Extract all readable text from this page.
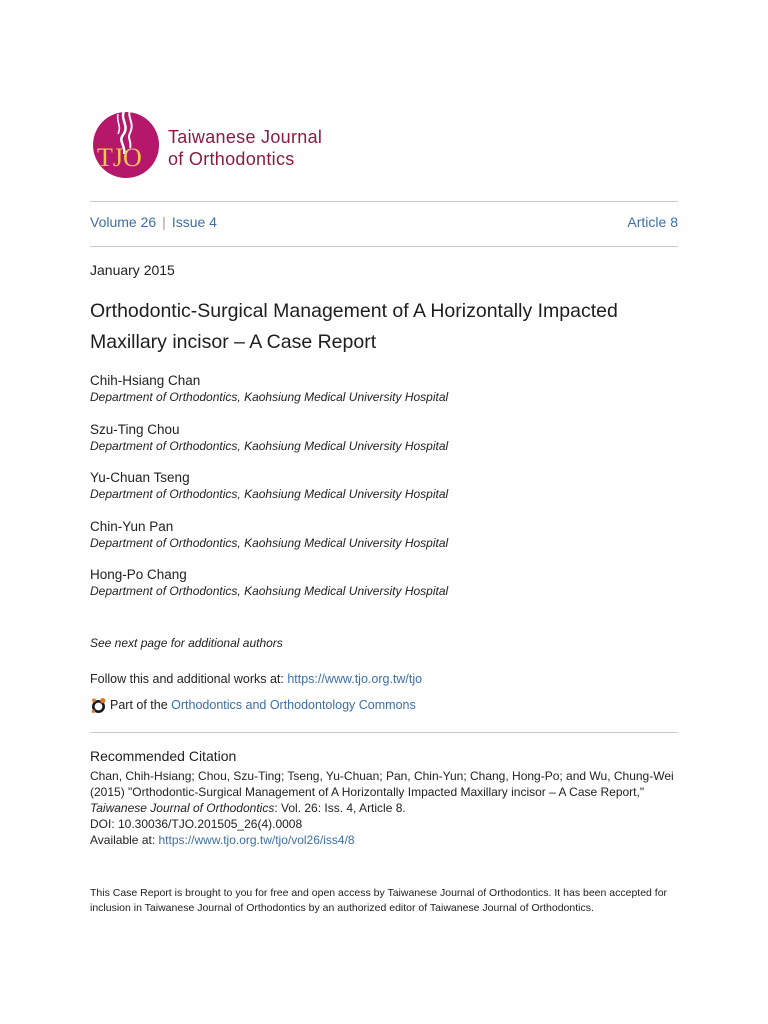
TJO
Taiwanese Journal
of Orthodontics
Volume 26 | Issue 4	Article 8
January 2015
Orthodontic-Surgical Management of A Horizontally Impacted
Maxillary incisor – A Case Report
Chih-Hsiang Chan
Department of Orthodontics, Kaohsiung Medical University Hospital
Szu-Ting Chou
Department of Orthodontics, Kaohsiung Medical University Hospital
Yu-Chuan Tseng
Department of Orthodontics, Kaohsiung Medical University Hospital
Chin-Yun Pan
Department of Orthodontics, Kaohsiung Medical University Hospital
Hong-Po Chang
Department of Orthodontics, Kaohsiung Medical University Hospital
See next page for additional authors
Follow this and additional works at: https://www.tjo.org.tw/tjo
Part of the Orthodontics and Orthodontology Commons
Recommended Citation
Chan, Chih-Hsiang; Chou, Szu-Ting; Tseng, Yu-Chuan; Pan, Chin-Yun; Chang, Hong-Po; and Wu, Chung-Wei
(2015) "Orthodontic-Surgical Management of A Horizontally Impacted Maxillary incisor – A Case Report,"
Taiwanese Journal of Orthodontics: Vol. 26: Iss. 4, Article 8.
DOI: 10.30036/TJO.201505_26(4).0008
Available at: https://www.tjo.org.tw/tjo/vol26/iss4/8
This Case Report is brought to you for free and open access by Taiwanese Journal of Orthodontics. It has been accepted for inclusion in Taiwanese Journal of Orthodontics by an authorized editor of Taiwanese Journal of Orthodontics.
